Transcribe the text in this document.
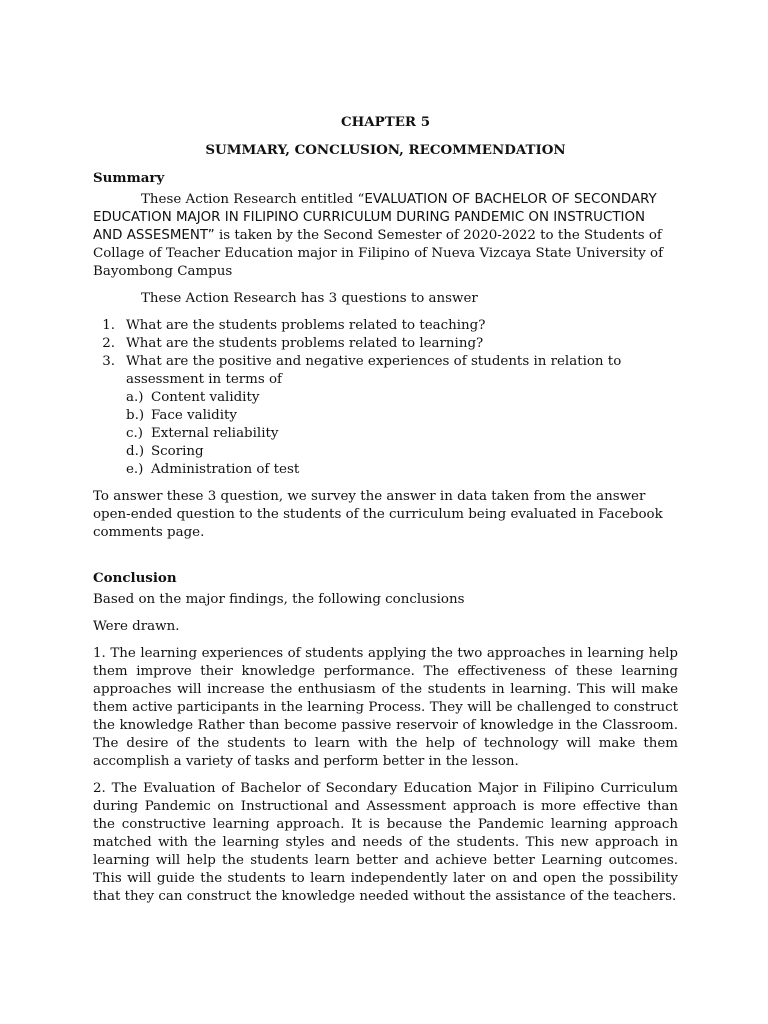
CHAPTER 5

SUMMARY, CONCLUSION, RECOMMENDATION

Summary

These Action Research entitled “EVALUATION OF BACHELOR OF SECONDARY EDUCATION MAJOR IN FILIPINO CURRICULUM DURING PANDEMIC ON INSTRUCTION AND ASSESMENT” is taken by the Second Semester of 2020-2022 to the Students of Collage of Teacher Education major in Filipino of Nueva Vizcaya State University of Bayombong Campus

These Action Research has 3 questions to answer

1. What are the students problems related to teaching?
2. What are the students problems related to learning?
3. What are the positive and negative experiences of students in relation to assessment in terms of
a.) Content validity
b.) Face validity
c.) External reliability
d.) Scoring
e.) Administration of test

To answer these 3 question, we survey the answer in data taken from the answer open-ended question to the students of the curriculum being evaluated in Facebook comments page.

Conclusion

Based on the major findings, the following conclusions

Were drawn.

1. The learning experiences of students applying the two approaches in learning help them improve their knowledge performance. The effectiveness of these learning approaches will increase the enthusiasm of the students in learning. This will make them active participants in the learning Process. They will be challenged to construct the knowledge Rather than become passive reservoir of knowledge in the Classroom. The desire of the students to learn with the help of technology will make them accomplish a variety of tasks and perform better in the lesson.

2. The Evaluation of Bachelor of Secondary Education Major in Filipino Curriculum during Pandemic on Instructional and Assessment approach is more effective than the constructive learning approach. It is because the Pandemic learning approach matched with the learning styles and needs of the students. This new approach in learning will help the students learn better and achieve better Learning outcomes. This will guide the students to learn independently later on and open the possibility that they can construct the knowledge needed without the assistance of the teachers.
